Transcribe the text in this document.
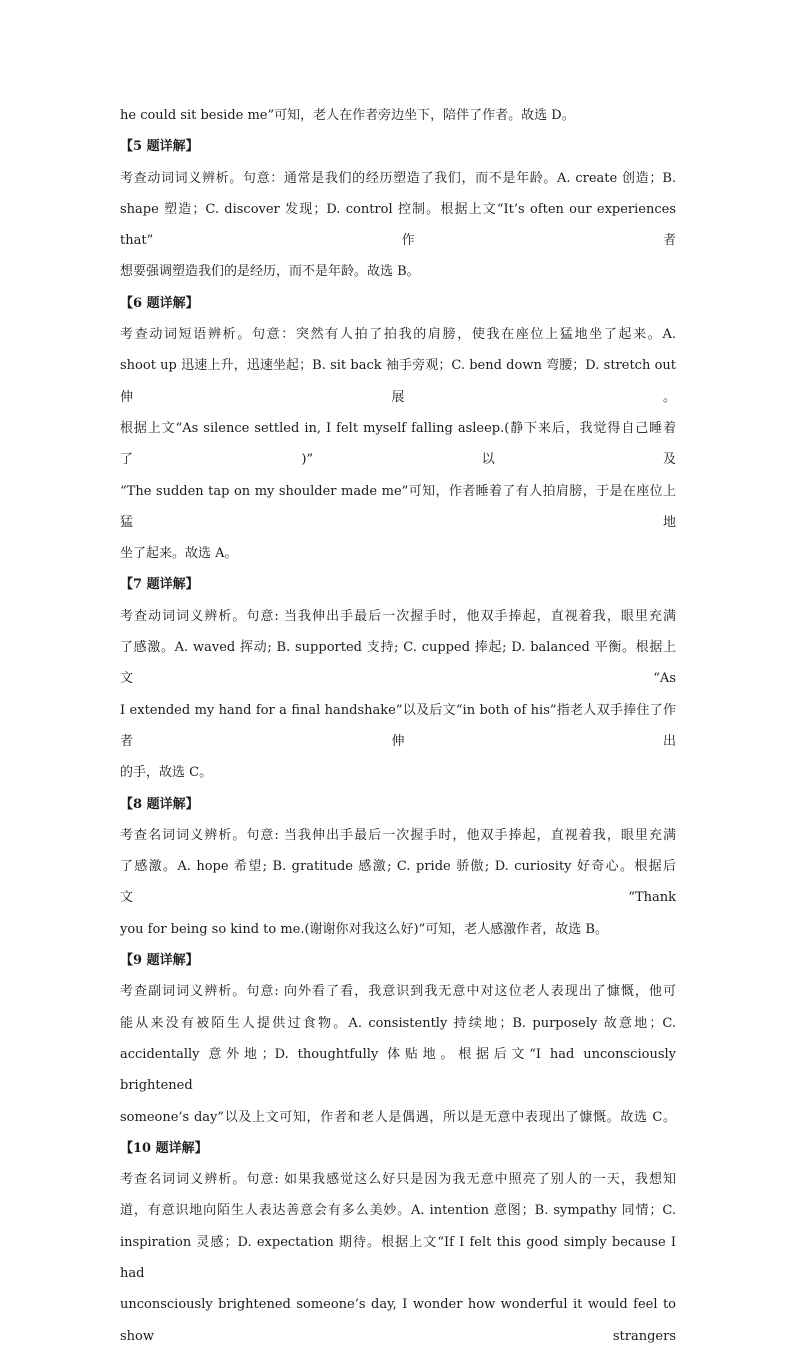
he could sit beside me”可知，老人在作者旁边坐下，陪伴了作者。故选 D。
【5 题详解】
考查动词词义辨析。句意：通常是我们的经历塑造了我们，而不是年龄。A. create 创造；B.
shape 塑造；C. discover 发现；D. control 控制。根据上文“It’s often our experiences that”作者
想要强调塑造我们的是经历，而不是年龄。故选 B。
【6 题详解】
考查动词短语辨析。句意：突然有人拍了拍我的肩膀，使我在座位上猛地坐了起来。A.
shoot up 迅速上升，迅速坐起；B. sit back 袖手旁观；C. bend down 弯腰；D. stretch out 伸展。
根据上文“As silence settled in, I felt myself falling asleep.(静下来后，我觉得自己睡着了)”以及
“The sudden tap on my shoulder made me”可知，作者睡着了有人拍肩膀，于是在座位上猛地
坐了起来。故选 A。
【7 题详解】
考查动词词义辨析。句意: 当我伸出手最后一次握手时，他双手捧起，直视着我，眼里充满
了感激。A. waved 挥动; B. supported 支持; C. cupped 捧起; D. balanced 平衡。根据上文“As
I extended my hand for a final handshake”以及后文“in both of his”指老人双手捧住了作者伸出
的手，故选 C。
【8 题详解】
考查名词词义辨析。句意: 当我伸出手最后一次握手时，他双手捧起，直视着我，眼里充满
了感激。A. hope 希望; B. gratitude 感激; C. pride 骄傲; D. curiosity 好奇心。根据后文“Thank
you for being so kind to me.(谢谢你对我这么好)”可知，老人感激作者，故选 B。
【9 题详解】
考查副词词义辨析。句意: 向外看了看，我意识到我无意中对这位老人表现出了慷慨，他可
能从来没有被陌生人提供过食物。A. consistently 持续地；B. purposely 故意地；C.
accidentally 意外地；D. thoughtfully 体贴地。根据后文“I had unconsciously brightened
someone’s day”以及上文可知，作者和老人是偶遇，所以是无意中表现出了慷慨。故选 C。
【10 题详解】
考查名词词义辨析。句意: 如果我感觉这么好只是因为我无意中照亮了别人的一天，我想知
道，有意识地向陌生人表达善意会有多么美妙。A. intention 意图；B. sympathy 同情；C.
inspiration 灵感；D. expectation 期待。根据上文“If I felt this good simply because I had
unconsciously brightened someone’s day, I wonder how wonderful it would feel to show strangers
